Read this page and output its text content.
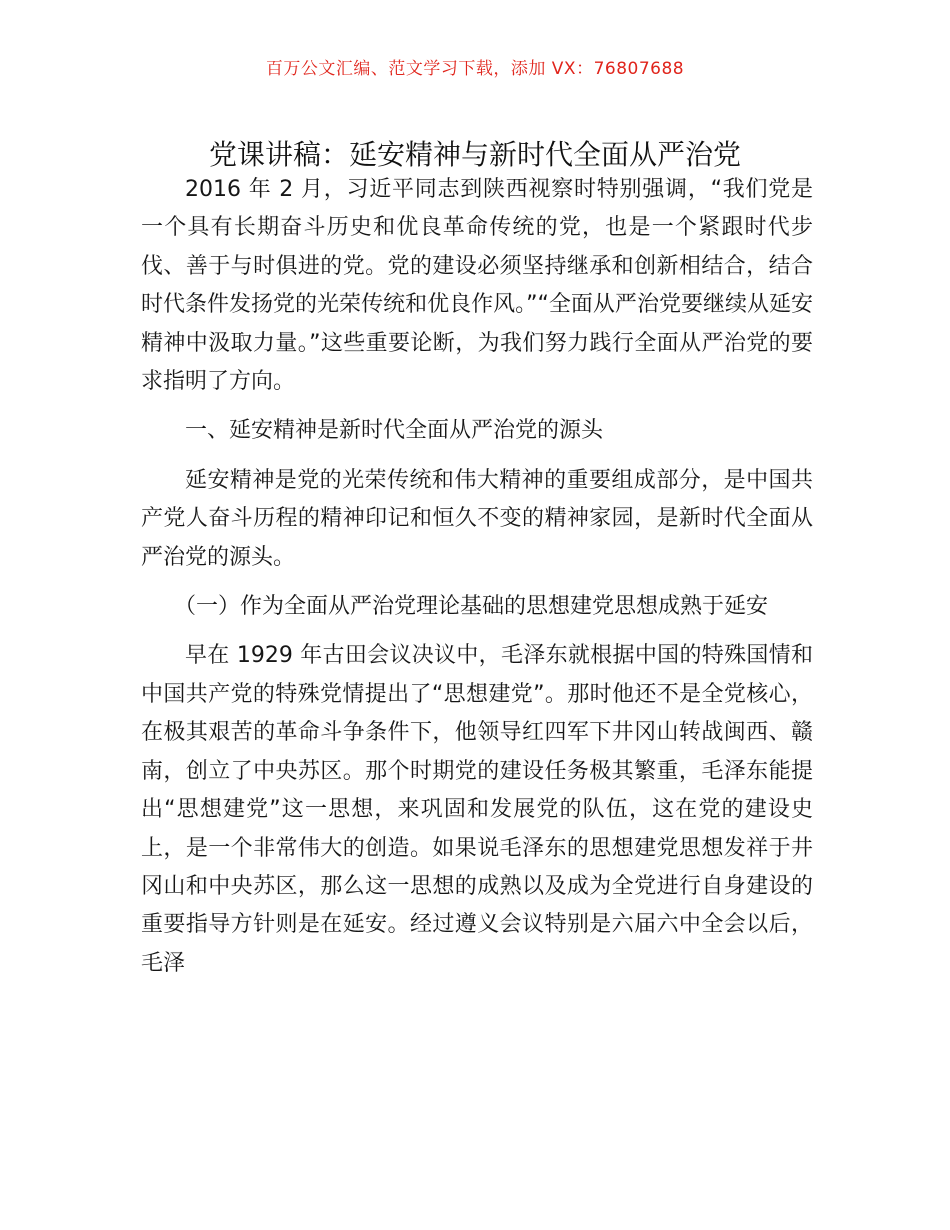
百万公文汇编、范文学习下载，添加 VX：76807688
党课讲稿：延安精神与新时代全面从严治党

2016 年 2 月，习近平同志到陕西视察时特别强调，“我们党是一个具有长期奋斗历史和优良革命传统的党，也是一个紧跟时代步伐、善于与时俱进的党。党的建设必须坚持继承和创新相结合，结合时代条件发扬党的光荣传统和优良作风。”“全面从严治党要继续从延安精神中汲取力量。”这些重要论断，为我们努力践行全面从严治党的要求指明了方向。

一、延安精神是新时代全面从严治党的源头

延安精神是党的光荣传统和伟大精神的重要组成部分，是中国共产党人奋斗历程的精神印记和恒久不变的精神家园，是新时代全面从严治党的源头。

（一）作为全面从严治党理论基础的思想建党思想成熟于延安

早在 1929 年古田会议决议中，毛泽东就根据中国的特殊国情和中国共产党的特殊党情提出了“思想建党”。那时他还不是全党核心，在极其艰苦的革命斗争条件下，他领导红四军下井冈山转战闽西、赣南，创立了中央苏区。那个时期党的建设任务极其繁重，毛泽东能提出“思想建党”这一思想，来巩固和发展党的队伍，这在党的建设史上，是一个非常伟大的创造。如果说毛泽东的思想建党思想发祥于井冈山和中央苏区，那么这一思想的成熟以及成为全党进行自身建设的重要指导方针则是在延安。经过遵义会议特别是六届六中全会以后，毛泽
